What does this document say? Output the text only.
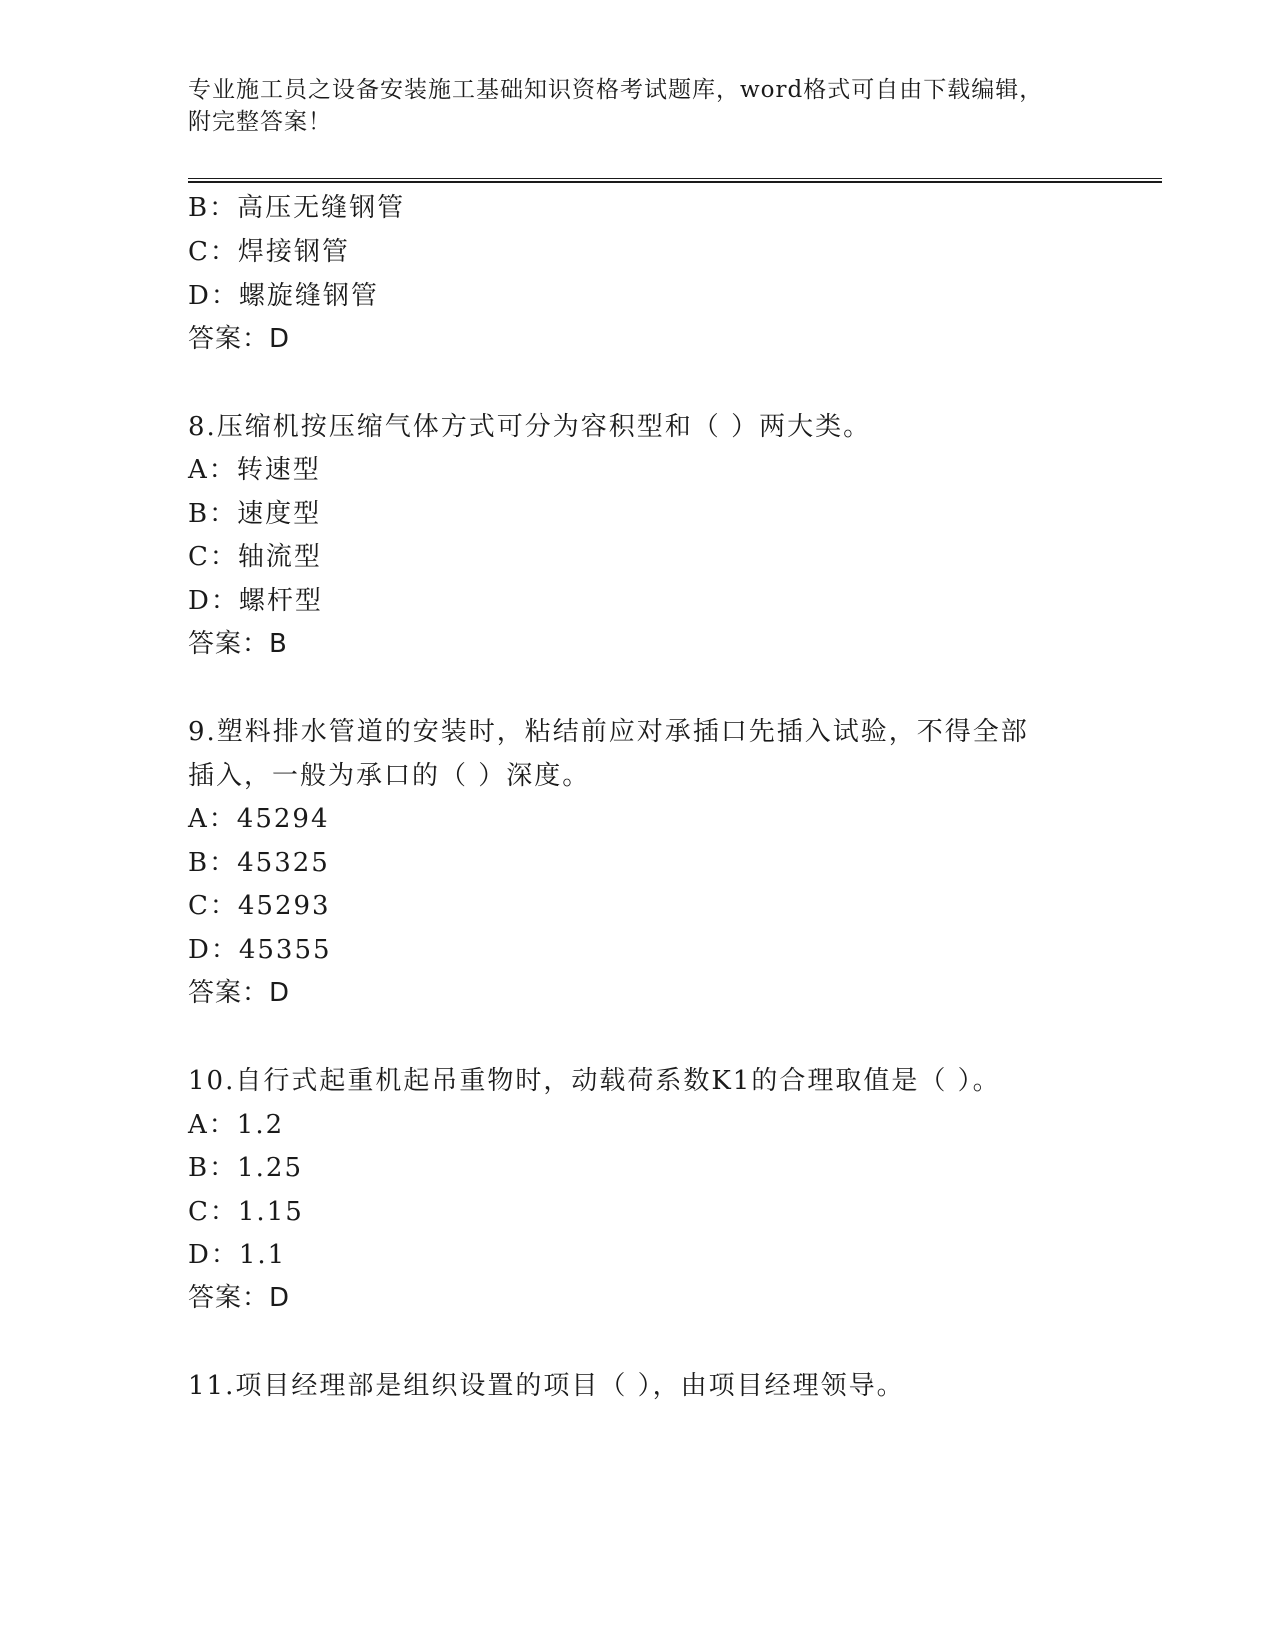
专业施工员之设备安装施工基础知识资格考试题库，word格式可自由下载编辑，
附完整答案！
B：高压无缝钢管
C：焊接钢管
D：螺旋缝钢管
答案：D
8.压缩机按压缩气体方式可分为容积型和（ ）两大类。
A：转速型
B：速度型
C：轴流型
D：螺杆型
答案：B
9.塑料排水管道的安装时，粘结前应对承插口先插入试验，不得全部
插入，一般为承口的（ ）深度。
A：45294
B：45325
C：45293
D：45355
答案：D
10.自行式起重机起吊重物时，动载荷系数K1的合理取值是（ ）。
A：1.2
B：1.25
C：1.15
D：1.1
答案：D
11.项目经理部是组织设置的项目（ ），由项目经理领导。
